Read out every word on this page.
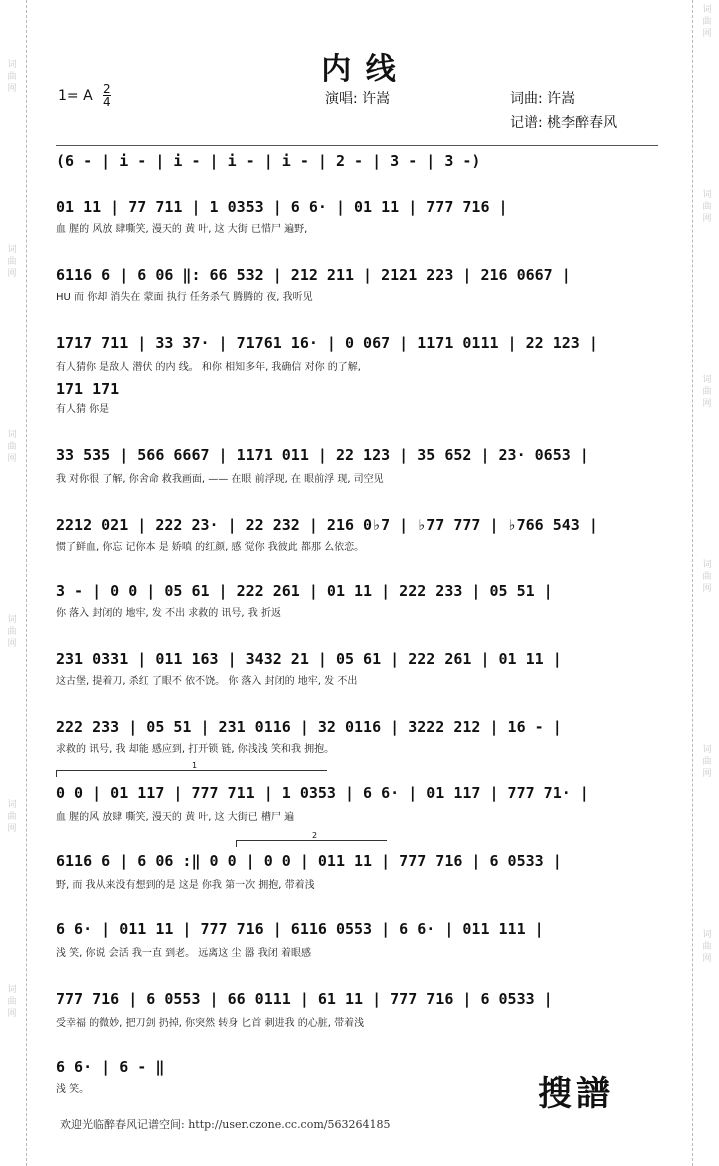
词
曲
网
词
曲
网
词
曲
网
词
曲
网
词
曲
网
词
曲
网
词
曲
网
词
曲
网
词
曲
网
词
曲
网
词
曲
网
词
曲
网
内 线
1= A 2
4	演唱: 许嵩	词曲: 许嵩
记谱: 桃李醉春风
(6 - | i - | i - | i - | i - | 2 - | 3 - | 3 -)
01 11 | 77 711 | 1 0353 | 6 6· | 01 11 | 777 716 |
血 腥的 风放 肆嘶笑, 漫天的 黄 叶, 这 大街 已惜尸 遍野,
6116 6 | 6 06 ‖: 66 532 | 212 211 | 2121 223 | 216 0667 |
HU 而 你却 消失在 蒙面 执行 任务杀气 腾腾的 夜, 我听见
1717 711 | 33 37· | 71761 16· | 0 067 | 1171 0111 | 22 123 |
有人猜你 是敌人 潜伏 的内 线。 和你 相知多年, 我确信 对你 的了解,
171 171
有人猜 你是
33 535 | 566 6667 | 1171 011 | 22 123 | 35 652 | 23· 0653 |
我 对你很 了解, 你舍命 救我画面, —— 在眼 前浮现, 在 眼前浮 现, 司空见
2212 021 | 222 23· | 22 232 | 216 0♭7 | ♭77 777 | ♭766 543 |
惯了鲜血, 你忘 记你本 是 娇嗔 的红颜, 感 觉你 我彼此 都那 么依恋。
3 - | 0 0 | 05 61 | 222 261 | 01 11 | 222 233 | 05 51 |
你 落入 封闭的 地牢, 发 不出 求救的 讯号, 我 折返
231 0331 | 011 163 | 3432 21 | 05 61 | 222 261 | 01 11 |
这古堡, 提着刀, 杀红 了眼不 依不饶。 你 落入 封闭的 地牢, 发 不出
222 233 | 05 51 | 231 0116 | 32 0116 | 3222 212 | 16 - |
求救的 讯号, 我 却能 感应到, 打开锁 链, 你浅浅 笑和我 拥抱。
1
0 0 | 01 117 | 777 711 | 1 0353 | 6 6· | 01 117 | 777 71· |
血 腥的风 放肆 嘶笑, 漫天的 黄 叶, 这 大街已 槽尸 遍
2
6116 6 | 6 06 :‖ 0 0 | 0 0 | 011 11 | 777 716 | 6 0533 |
野, 而 我从来没有想到的是 这是 你我 第一次 拥抱, 带着浅
6 6· | 011 11 | 777 716 | 6116 0553 | 6 6· | 011 111 |
浅 笑, 你说 会活 我一直 到老。 远离这 尘 嚣 我闭 着眼感
777 716 | 6 0553 | 66 0111 | 61 11 | 777 716 | 6 0533 |
受幸福 的微妙, 把刀剑 扔掉, 你突然 转身 匕首 刺进我 的心脏, 带着浅
6 6· | 6 - ‖
浅 笑。	搜譜
欢迎光临醉春风记谱空间: http://user.czone.cc.com/563264185
